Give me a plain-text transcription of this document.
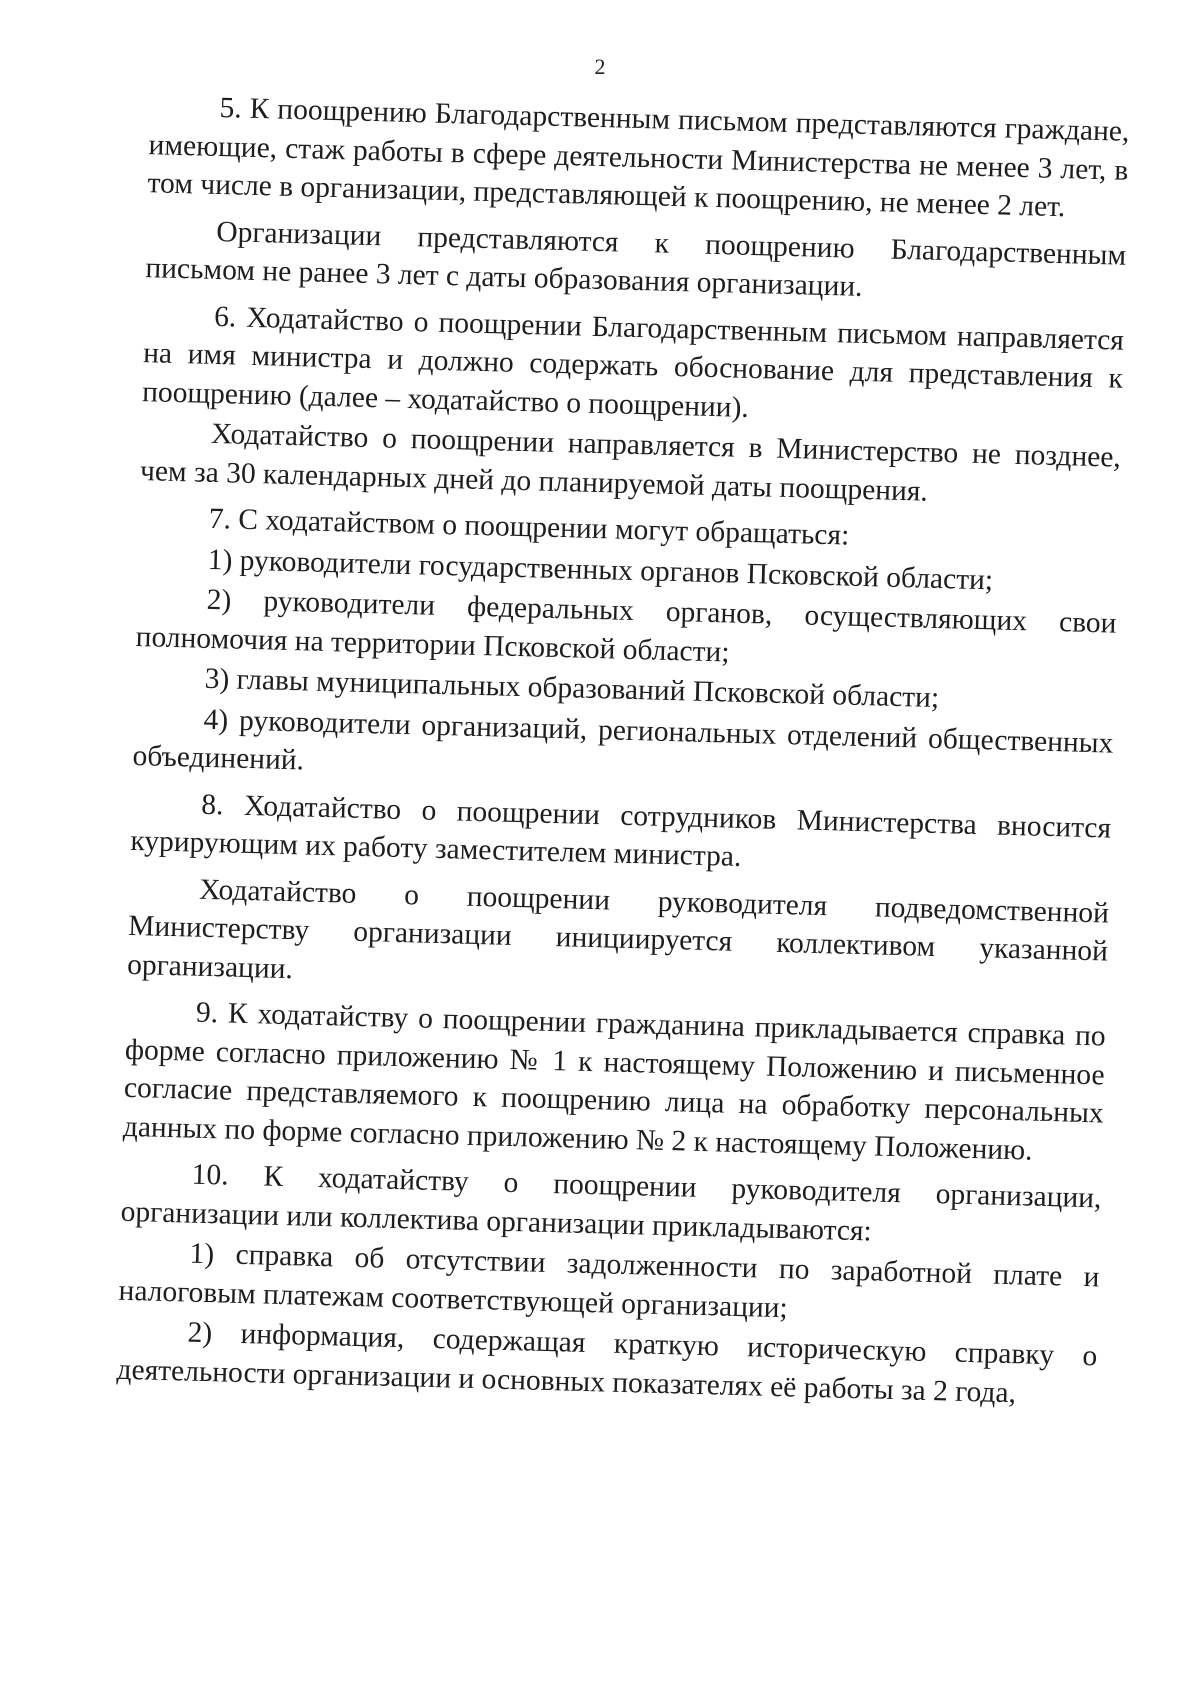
2

5. К поощрению Благодарственным письмом представляются граждане, имеющие, стаж работы в сфере деятельности Министерства не менее 3 лет, в том числе в организации, представляющей к поощрению, не менее 2 лет.

Организации представляются к поощрению Благодарственным письмом не ранее 3 лет с даты образования организации.

6. Ходатайство о поощрении Благодарственным письмом направляется на имя министра и должно содержать обоснование для представления к поощрению (далее – ходатайство о поощрении).

Ходатайство о поощрении направляется в Министерство не позднее, чем за 30 календарных дней до планируемой даты поощрения.

7. С ходатайством о поощрении могут обращаться:

1) руководители государственных органов Псковской области;

2) руководители федеральных органов, осуществляющих свои полномочия на территории Псковской области;

3) главы муниципальных образований Псковской области;

4) руководители организаций, региональных отделений общественных объединений.

8. Ходатайство о поощрении сотрудников Министерства вносится курирующим их работу заместителем министра.

Ходатайство о поощрении руководителя подведомственной Министерству организации инициируется коллективом указанной организации.

9. К ходатайству о поощрении гражданина прикладывается справка по форме согласно приложению № 1 к настоящему Положению и письменное согласие представляемого к поощрению лица на обработку персональных данных по форме согласно приложению № 2 к настоящему Положению.

10. К ходатайству о поощрении руководителя организации, организации или коллектива организации прикладываются:

1) справка об отсутствии задолженности по заработной плате и налоговым платежам соответствующей организации;

2) информация, содержащая краткую историческую справку о деятельности организации и основных показателях её работы за 2 года,
